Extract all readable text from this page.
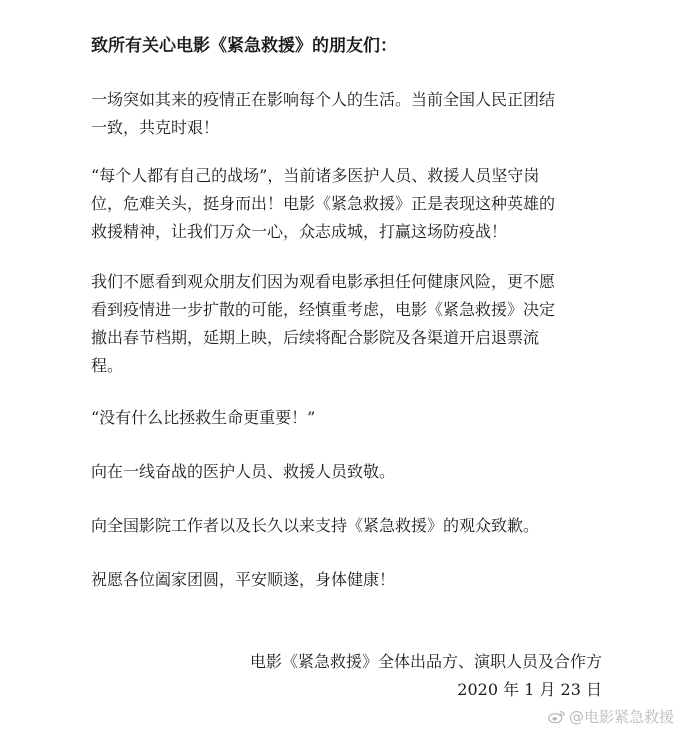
致所有关心电影《紧急救援》的朋友们：
一场突如其来的疫情正在影响每个人的生活。当前全国人民正团结
一致，共克时艰！
“每个人都有自己的战场”，当前诸多医护人员、救援人员坚守岗
位，危难关头，挺身而出！电影《紧急救援》正是表现这种英雄的
救援精神，让我们万众一心，众志成城，打赢这场防疫战！
我们不愿看到观众朋友们因为观看电影承担任何健康风险，更不愿
看到疫情进一步扩散的可能，经慎重考虑，电影《紧急救援》决定
撤出春节档期，延期上映，后续将配合影院及各渠道开启退票流
程。
“没有什么比拯救生命更重要！”
向在一线奋战的医护人员、救援人员致敬。
向全国影院工作者以及长久以来支持《紧急救援》的观众致歉。
祝愿各位阖家团圆，平安顺遂，身体健康！
电影《紧急救援》全体出品方、演职人员及合作方
2020 年 1 月 23 日
@电影紧急救援
